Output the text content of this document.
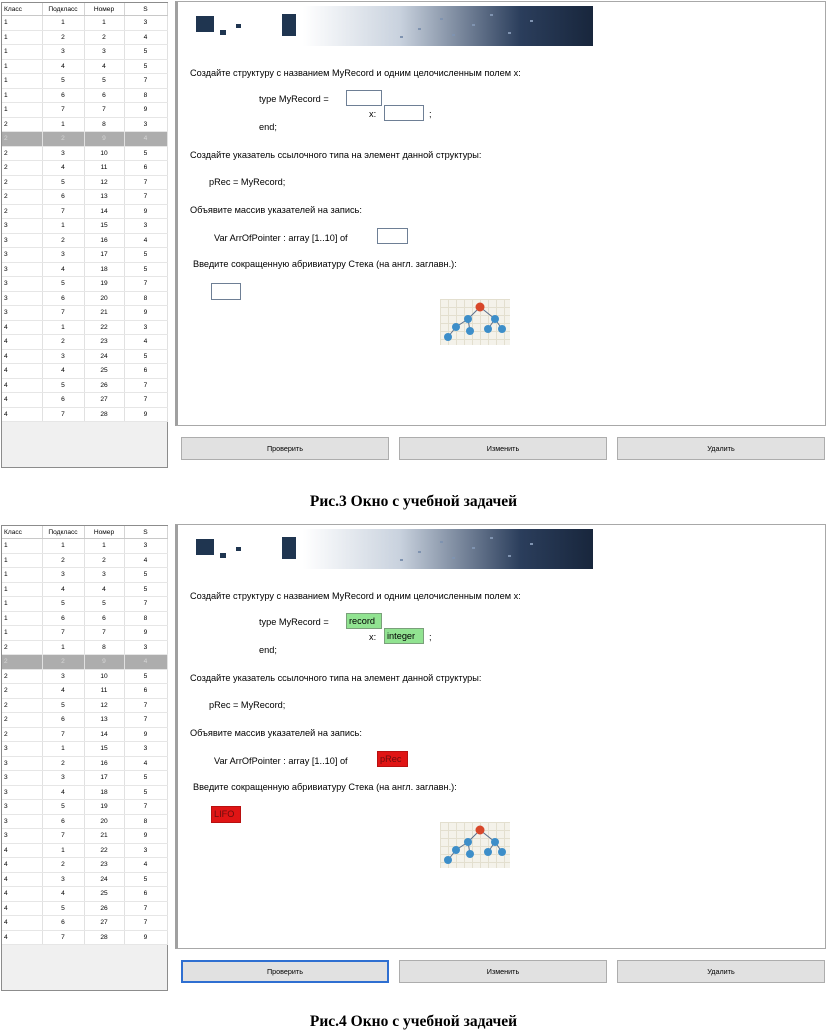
Класс	Подкласс	Номер	S
1	1	1	3
1	2	2	4
1	3	3	5
1	4	4	5
1	5	5	7
1	6	6	8
1	7	7	9
2	1	8	3
2	2	9	4
2	3	10	5
2	4	11	6
2	5	12	7
2	6	13	7
2	7	14	9
3	1	15	3
3	2	16	4
3	3	17	5
3	4	18	5
3	5	19	7
3	6	20	8
3	7	21	9
4	1	22	3
4	2	23	4
4	3	24	5
4	4	25	6
4	5	26	7
4	6	27	7
4	7	28	9
Создайте структуру с названием MyRecord и одним целочисленным полем x:
type MyRecord =
x:	;
end;
Создайте указатель ссылочного типа на элемент данной структуры:
pRec = MyRecord;
Объявите массив указателей на запись:
Var ArrOfPointer : array [1..10] of
Введите сокращенную абривиатуру Стека (на англ. заглавн.):
Проверить	Изменить	Удалить
Рис.3 Окно с учебной задачей
Класс	Подкласс	Номер	S
1	1	1	3
1	2	2	4
1	3	3	5
1	4	4	5
1	5	5	7
1	6	6	8
1	7	7	9
2	1	8	3
2	2	9	4
2	3	10	5
2	4	11	6
2	5	12	7
2	6	13	7
2	7	14	9
3	1	15	3
3	2	16	4
3	3	17	5
3	4	18	5
3	5	19	7
3	6	20	8
3	7	21	9
4	1	22	3
4	2	23	4
4	3	24	5
4	4	25	6
4	5	26	7
4	6	27	7
4	7	28	9
Создайте структуру с названием MyRecord и одним целочисленным полем x:
type MyRecord =	record
x:	integer	;
end;
Создайте указатель ссылочного типа на элемент данной структуры:
pRec = MyRecord;
Объявите массив указателей на запись:
Var ArrOfPointer : array [1..10] of	pRec
Введите сокращенную абривиатуру Стека (на англ. заглавн.):
LIFO
Проверить	Изменить	Удалить
Рис.4 Окно с учебной задачей
